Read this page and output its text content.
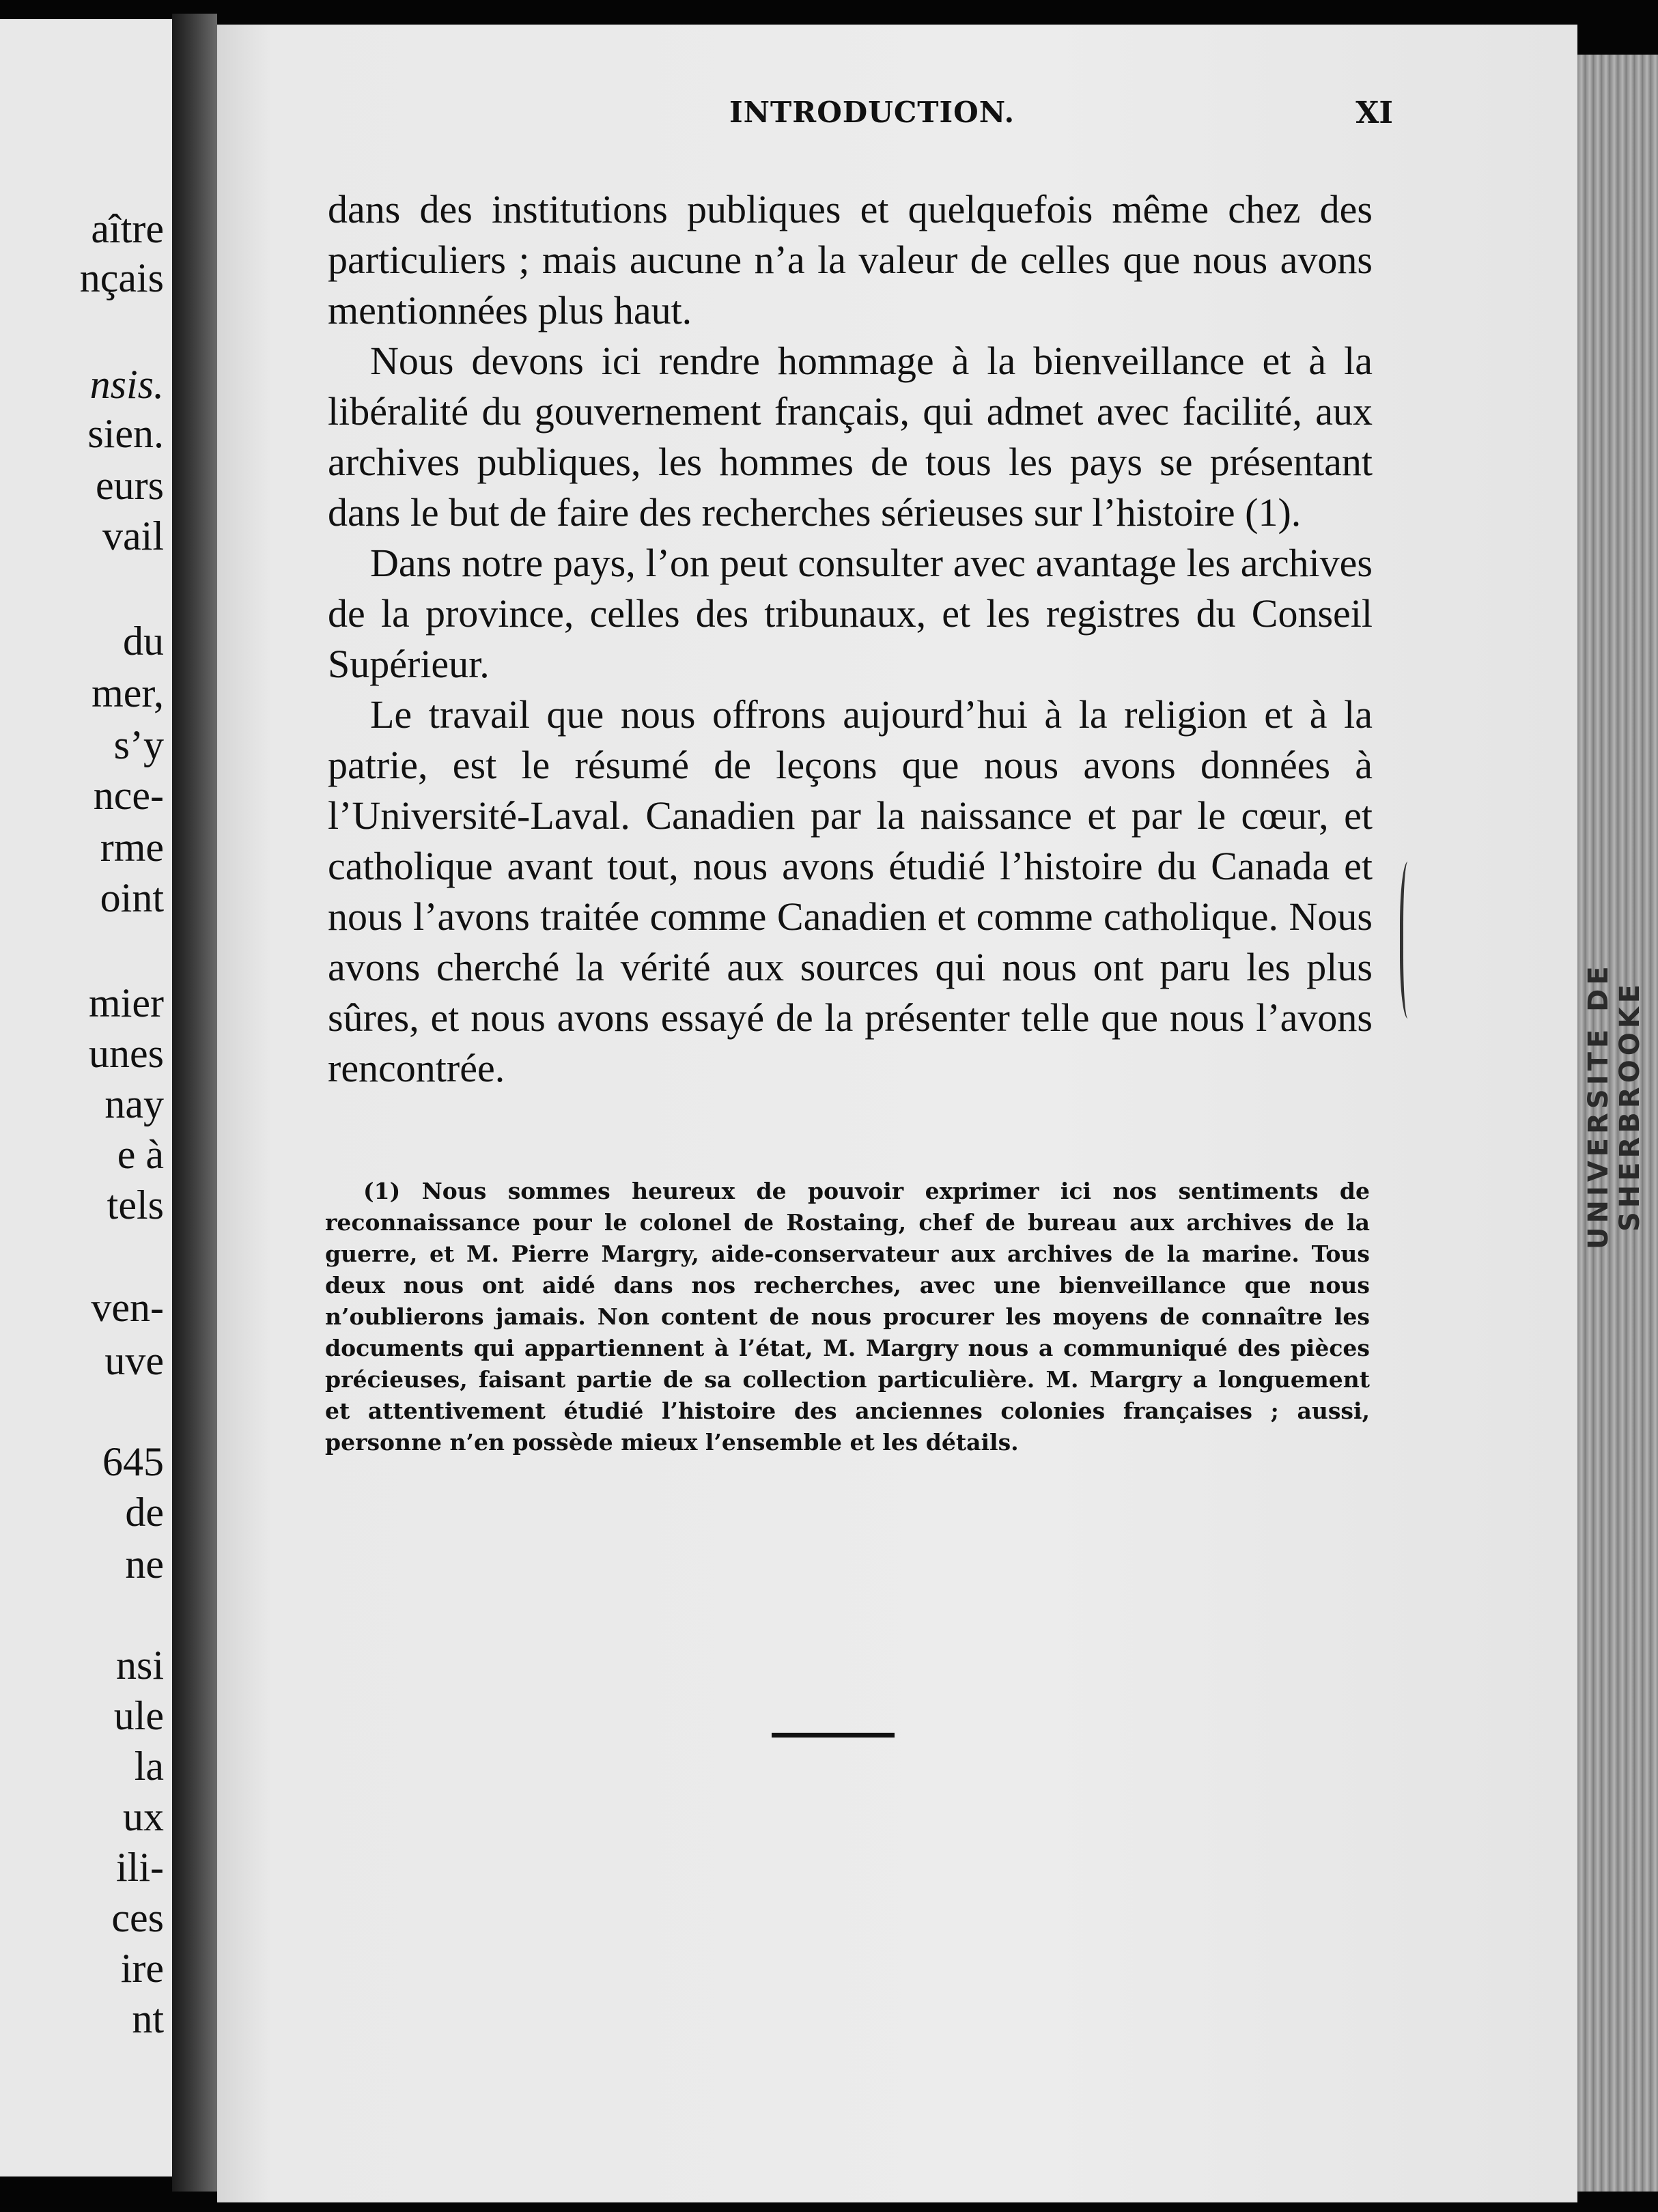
aître
nçais
nsis.
sien.
eurs
vail
du
mer,
s’y
nce-
rme
oint
mier
unes
nay
e à
tels
ven-
uve
645
de
ne
nsi
ule
la
ux
ili-
ces
ire
nt
UNIVERSITE DE SHERBROOKE
INTRODUCTION.	XI

dans des institutions publiques et quelquefois même chez des particuliers ; mais aucune n’a la valeur de celles que nous avons mentionnées plus haut.

Nous devons ici rendre hommage à la bienveillance et à la libéralité du gouvernement français, qui admet avec facilité, aux archives publiques, les hommes de tous les pays se présentant dans le but de faire des recherches sérieuses sur l’histoire (1).

Dans notre pays, l’on peut consulter avec avantage les archives de la province, celles des tribunaux, et les registres du Conseil Supérieur.

Le travail que nous offrons aujourd’hui à la religion et à la patrie, est le résumé de leçons que nous avons données à l’Université-Laval. Canadien par la naissance et par le cœur, et catholique avant tout, nous avons étudié l’histoire du Canada et nous l’avons traitée comme Canadien et comme catholique. Nous avons cherché la vérité aux sources qui nous ont paru les plus sûres, et nous avons essayé de la présenter telle que nous l’avons rencontrée.

(1) Nous sommes heureux de pouvoir exprimer ici nos sentiments de reconnaissance pour le colonel de Rostaing, chef de bureau aux archives de la guerre, et M. Pierre Margry, aide-conservateur aux archives de la marine. Tous deux nous ont aidé dans nos recherches, avec une bienveillance que nous n’oublierons jamais. Non content de nous procurer les moyens de connaître les documents qui appartiennent à l’état, M. Margry nous a communiqué des pièces précieuses, faisant partie de sa collection particulière. M. Margry a longuement et attentivement étudié l’histoire des anciennes colonies françaises ; aussi, personne n’en possède mieux l’ensemble et les détails.
